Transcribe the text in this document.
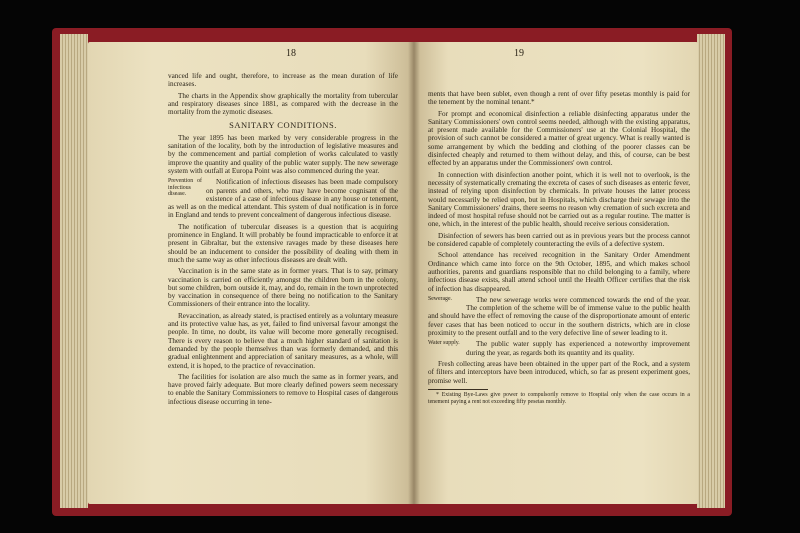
18

vanced life and ought, therefore, to increase as the mean duration of life increases.

The charts in the Appendix show graphically the mortality from tubercular and respiratory diseases since 1881, as compared with the decrease in the mortality from the zymotic diseases.

SANITARY CONDITIONS.

The year 1895 has been marked by very considerable progress in the sanitation of the locality, both by the introduction of legislative measures and by the commencement and partial completion of works calculated to vastly improve the quantity and quality of the public water supply. The new sewerage system with outfall at Europa Point was also commenced during the year.

Prevention of infectious disease.

Notification of infectious diseases has been made compulsory on parents and others, who may have become cognisant of the existence of a case of infectious disease in any house or tenement, as well as on the medical attendant. This system of dual notification is in force in England and tends to prevent concealment of dangerous infectious disease.

The notification of tubercular diseases is a question that is acquiring prominence in England. It will probably be found impracticable to enforce it at present in Gibraltar, but the extensive ravages made by these diseases here should be an inducement to consider the possibility of dealing with them in much the same way as other infectious diseases are dealt with.

Vaccination is in the same state as in former years. That is to say, primary vaccination is carried on efficiently amongst the children born in the colony, but some children, born outside it, may, and do, remain in the town unprotected by vaccination in consequence of there being no notification to the Sanitary Commissioners of their entrance into the locality.

Revaccination, as already stated, is practised entirely as a voluntary measure and its protective value has, as yet, failed to find universal favour amongst the people. In time, no doubt, its value will become more generally recognised. There is every reason to believe that a much higher standard of sanitation is demanded by the people themselves than was formerly demanded, and this gradual enlightenment and appreciation of sanitary measures, as a whole, will extend, it is hoped, to the practice of revaccination.

The facilities for isolation are also much the same as in former years, and have proved fairly adequate. But more clearly defined powers seem necessary to enable the Sanitary Commissioners to remove to Hospital cases of dangerous infectious disease occurring in tene-

19

ments that have been sublet, even though a rent of over fifty pesetas monthly is paid for the tenement by the nominal tenant.*

For prompt and economical disinfection a reliable disinfecting apparatus under the Sanitary Commissioners' own control seems needed, although with the existing apparatus, at present made available for the Commissioners' use at the Colonial Hospital, the provision of such cannot be considered a matter of great urgency. What is really wanted is some arrangement by which the bedding and clothing of the poorer classes can be disinfected cheaply and returned to them without delay, and this, of course, can be best effected by an apparatus under the Commissioners' own control.

In connection with disinfection another point, which it is well not to overlook, is the necessity of systematically cremating the excreta of cases of such diseases as enteric fever, instead of relying upon disinfection by chemicals. In private houses the latter process would necessarily be relied upon, but in Hospitals, which discharge their sewage into the Sanitary Commissioners' drains, there seems no reason why cremation of such excreta and indeed of most hospital refuse should not be carried out as a regular routine. The matter is one, which, in the interest of the public health, should receive serious consideration.

Disinfection of sewers has been carried out as in previous years but the process cannot be considered capable of completely counteracting the evils of a defective system.

School attendance has received recognition in the Sanitary Order Amendment Ordinance which came into force on the 9th October, 1895, and which makes school authorities, parents and guardians responsible that no child belonging to a family, where infectious disease exists, shall attend school until the Health Officer certifies that the risk of infection has disappeared.

Sewerage.	The new sewerage works were commenced towards the end of the year. The completion of the scheme will be of immense value to the public health and should have the effect of removing the cause of the disproportionate amount of enteric fever cases that has been noticed to occur in the southern districts, which are in close proximity to the present outfall and to the very defective line of sewer leading to it.

Water supply.	The public water supply has experienced a noteworthy improvement during the year, as regards both its quantity and its quality.

Fresh collecting areas have been obtained in the upper part of the Rock, and a system of filters and interceptors have been introduced, which, so far as present experiment goes, promise well.

* Existing Bye-Laws give power to compulsorily remove to Hospital only when the case occurs in a tenement paying a rent not exceeding fifty pesetas monthly.
